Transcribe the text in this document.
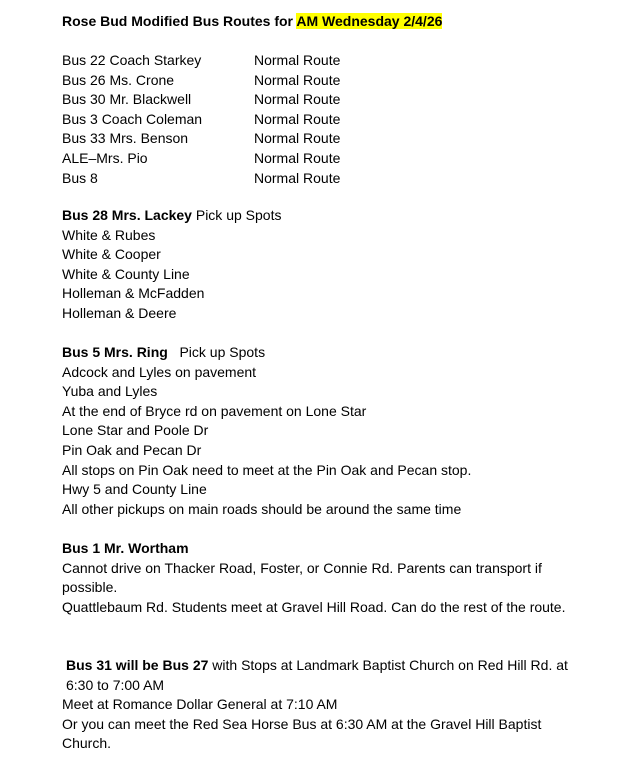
Rose Bud Modified Bus Routes for AM Wednesday 2/4/26
Bus 22 Coach Starkey	Normal Route
Bus 26 Ms. Crone	Normal Route
Bus 30 Mr. Blackwell	Normal Route
Bus 3 Coach Coleman	Normal Route
Bus 33 Mrs. Benson	Normal Route
ALE–Mrs. Pio	Normal Route
Bus 8	Normal Route
Bus 28 Mrs. Lackey Pick up Spots
White & Rubes
White & Cooper
White & County Line
Holleman & McFadden
Holleman & Deere
Bus 5 Mrs. Ring   Pick up Spots
Adcock and Lyles on pavement
Yuba and Lyles
At the end of Bryce rd on pavement on Lone Star
Lone Star and Poole Dr
Pin Oak and Pecan Dr
All stops on Pin Oak need to meet at the Pin Oak and Pecan stop.
Hwy 5 and County Line
All other pickups on main roads should be around the same time
Bus 1 Mr. Wortham
Cannot drive on Thacker Road, Foster, or Connie Rd. Parents can transport if possible.
Quattlebaum Rd. Students meet at Gravel Hill Road. Can do the rest of the route.
Bus 31 will be Bus 27 with Stops at Landmark Baptist Church on Red Hill Rd. at 6:30 to 7:00 AM
Meet at Romance Dollar General at 7:10 AM
Or you can meet the Red Sea Horse Bus at 6:30 AM at the Gravel Hill Baptist Church.
